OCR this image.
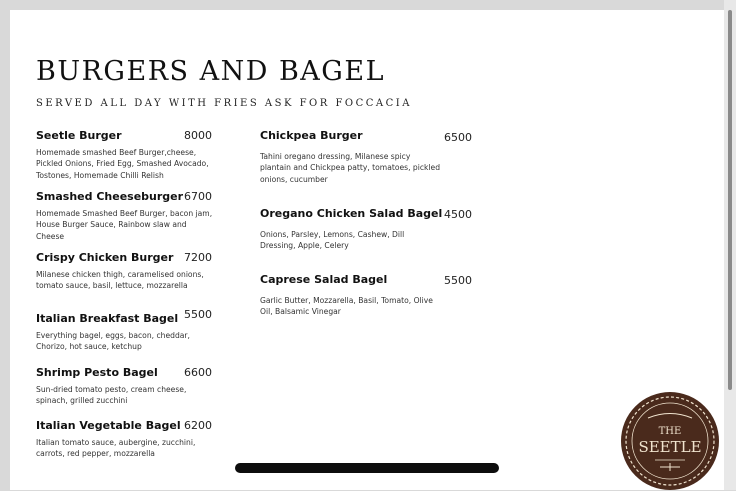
BURGERS AND BAGEL
SERVED ALL DAY WITH FRIES ASK FOR FOCCACIA
Seetle Burger	8000
Homemade smashed Beef Burger,cheese, Pickled Onions, Fried Egg, Smashed Avocado, Tostones, Homemade Chilli Relish
Smashed Cheeseburger 6700
Homemade Smashed Beef Burger, bacon jam, House Burger Sauce, Rainbow slaw and Cheese
Crispy Chicken Burger 7200
Milanese chicken thigh, caramelised onions, tomato sauce, basil, lettuce, mozzarella
Italian Breakfast Bagel 5500
Everything bagel, eggs, bacon, cheddar, Chorizo, hot sauce, ketchup
Shrimp Pesto Bagel	6600
Sun-dried tomato pesto, cream cheese, spinach, grilled zucchini
Italian Vegetable Bagel 6200
Italian tomato sauce, aubergine, zucchini, carrots, red pepper, mozzarella
Chickpea Burger	6500
Tahini oregano dressing, Milanese spicy plantain and Chickpea patty, tomatoes, pickled onions, cucumber
Oregano Chicken Salad Bagel 4500
Onions, Parsley, Lemons, Cashew, Dill Dressing, Apple, Celery
Caprese Salad Bagel	5500
Garlic Butter, Mozzarella, Basil, Tomato, Olive Oil, Balsamic Vinegar
THE
SEETLE
